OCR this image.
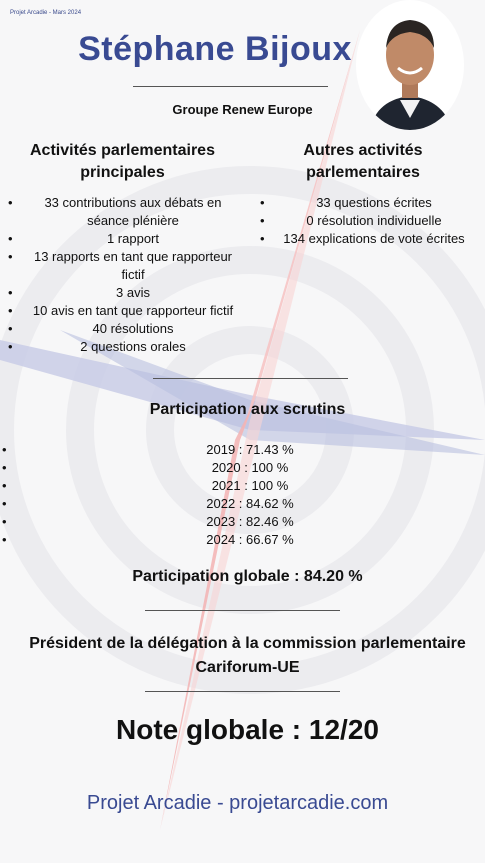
Projet Arcadie - Mars 2024
Stéphane Bijoux
Groupe Renew Europe
Activités parlementaires principales
• 33 contributions aux débats en séance plénière
• 1 rapport
• 13 rapports en tant que rapporteur fictif
• 3 avis
• 10 avis en tant que rapporteur fictif
• 40 résolutions
• 2 questions orales
Autres activités parlementaires
• 33 questions écrites
• 0 résolution individuelle
• 134 explications de vote écrites
Participation aux scrutins
• 2019 : 71.43 %
• 2020 : 100 %
• 2021 : 100 %
• 2022 : 84.62 %
• 2023 : 82.46 %
• 2024 : 66.67 %
Participation globale : 84.20 %
Président de la délégation à la commission parlementaire Cariforum-UE
Note globale : 12/20
Projet Arcadie - projetarcadie.com
